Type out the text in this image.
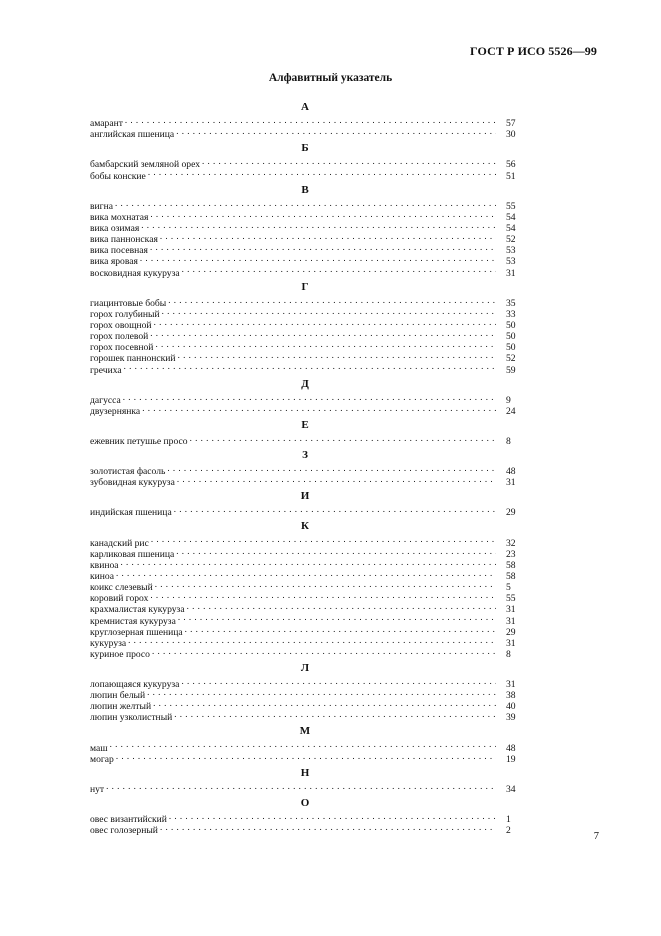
ГОСТ Р ИСО 5526—99
Алфавитный указатель
А
амарант . . .	57
английская пшеница . . .	30
Б
бамбарский земляной орех . . .	56
бобы конские . . .	51
В
вигна . . .	55
вика мохнатая . . .	54
вика озимая . . .	54
вика паннонская . . .	52
вика посевная . . .	53
вика яровая . . .	53
восковидная кукуруза . . .	31
Г
гиацинтовые бобы . . .	35
горох голубиный . . .	33
горох овощной . . .	50
горох полевой . . .	50
горох посевной . . .	50
горошек паннонский . . .	52
гречиха . . .	59
Д
дагусса . . .	9
двузернянка . . .	24
Е
ежевник петушье просо . . .	8
З
золотистая фасоль . . .	48
зубовидная кукуруза . . .	31
И
индийская пшеница . . .	29
К
канадский рис . . .	32
карликовая пшеница . . .	23
квиноа . . .	58
киноа . . .	58
коикс слезевый . . .	5
коровий горох . . .	55
крахмалистая кукуруза . . .	31
кремнистая кукуруза . . .	31
круглозерная пшеница . . .	29
кукуруза . . .	31
куриное просо . . .	8
Л
лопающаяся кукуруза . . .	31
люпин белый . . .	38
люпин желтый . . .	40
люпин узколистный . . .	39
М
маш . . .	48
могар . . .	19
Н
нут . . .	34
О
овес византийский . . .	1
овес голозерный . . .	2
7
